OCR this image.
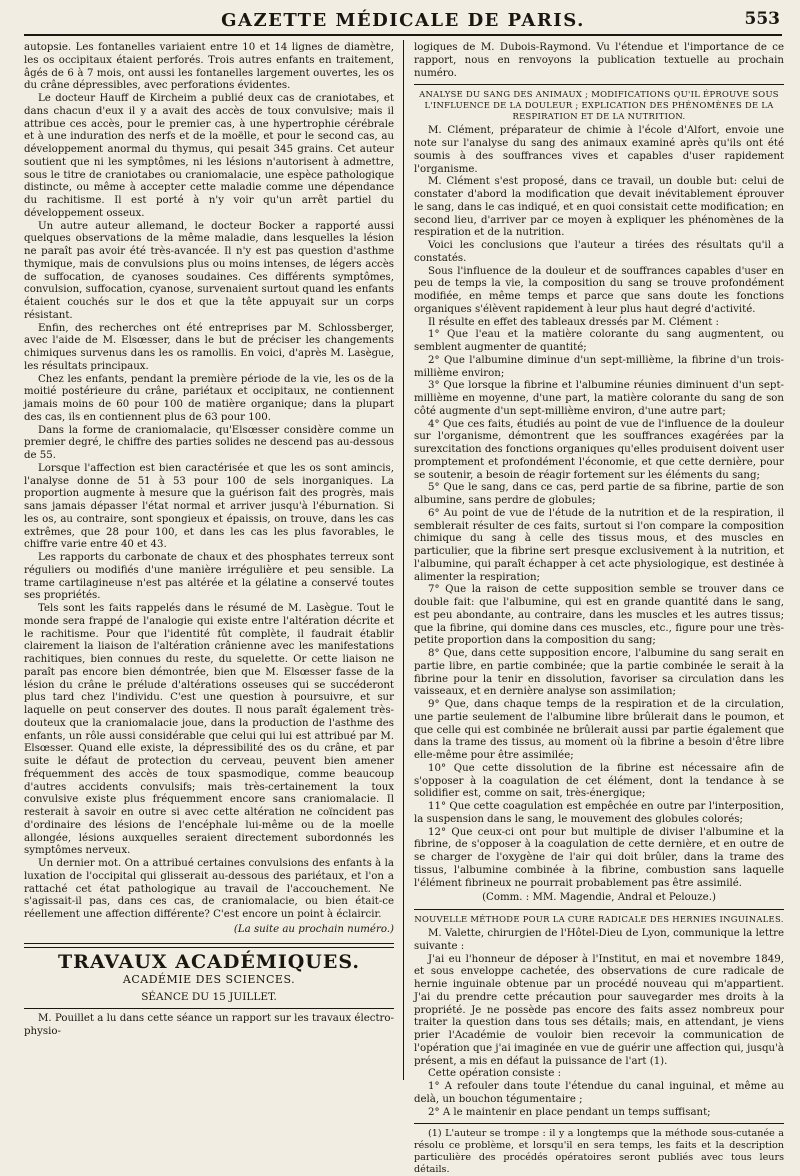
GAZETTE MÉDICALE DE PARIS.	553

autopsie. Les fontanelles variaient entre 10 et 14 lignes de diamètre, les os occipitaux étaient perforés. Trois autres enfants en traitement, âgés de 6 à 7 mois, ont aussi les fontanelles largement ouvertes, les os du crâne dépressibles, avec perforations évidentes.

Le docteur Hauff de Kircheim a publié deux cas de craniotabes, et dans chacun d'eux il y a avait des accès de toux convulsive; mais il attribue ces accès, pour le premier cas, à une hypertrophie cérébrale et à une induration des nerfs et de la moëlle, et pour le second cas, au développement anormal du thymus, qui pesait 345 grains. Cet auteur soutient que ni les symptômes, ni les lésions n'autorisent à admettre, sous le titre de craniotabes ou craniomalacie, une espèce pathologique distincte, ou même à accepter cette maladie comme une dépendance du rachitisme. Il est porté à n'y voir qu'un arrêt partiel du développement osseux.

Un autre auteur allemand, le docteur Bocker a rapporté aussi quelques observations de la même maladie, dans lesquelles la lésion ne paraît pas avoir été très-avancée. Il n'y est pas question d'asthme thymique, mais de convulsions plus ou moins intenses, de légers accès de suffocation, de cyanoses soudaines. Ces différents symptômes, convulsion, suffocation, cyanose, survenaient surtout quand les enfants étaient couchés sur le dos et que la tête appuyait sur un corps résistant.

Enfin, des recherches ont été entreprises par M. Schlossberger, avec l'aide de M. Elsœsser, dans le but de préciser les changements chimiques survenus dans les os ramollis. En voici, d'après M. Lasègue, les résultats principaux.

Chez les enfants, pendant la première période de la vie, les os de la moitié postérieure du crâne, pariétaux et occipitaux, ne contiennent jamais moins de 60 pour 100 de matière organique; dans la plupart des cas, ils en contiennent plus de 63 pour 100.

Dans la forme de craniomalacie, qu'Elsœsser considère comme un premier degré, le chiffre des parties solides ne descend pas au-dessous de 55.

Lorsque l'affection est bien caractérisée et que les os sont amincis, l'analyse donne de 51 à 53 pour 100 de sels inorganiques. La proportion augmente à mesure que la guérison fait des progrès, mais sans jamais dépasser l'état normal et arriver jusqu'à l'éburnation. Si les os, au contraire, sont spongieux et épaissis, on trouve, dans les cas extrêmes, que 28 pour 100, et dans les cas les plus favorables, le chiffre varie entre 40 et 43.

Les rapports du carbonate de chaux et des phosphates terreux sont réguliers ou modifiés d'une manière irrégulière et peu sensible. La trame cartilagineuse n'est pas altérée et la gélatine a conservé toutes ses propriétés.

Tels sont les faits rappelés dans le résumé de M. Lasègue. Tout le monde sera frappé de l'analogie qui existe entre l'altération décrite et le rachitisme. Pour que l'identité fût complète, il faudrait établir clairement la liaison de l'altération crânienne avec les manifestations rachitiques, bien connues du reste, du squelette. Or cette liaison ne paraît pas encore bien démontrée, bien que M. Elsœsser fasse de la lésion du crâne le prélude d'altérations osseuses qui se succéderont plus tard chez l'individu. C'est une question à poursuivre, et sur laquelle on peut conserver des doutes. Il nous paraît également très-douteux que la craniomalacie joue, dans la production de l'asthme des enfants, un rôle aussi considérable que celui qui lui est attribué par M. Elsœsser. Quand elle existe, la dépressibilité des os du crâne, et par suite le défaut de protection du cerveau, peuvent bien amener fréquemment des accès de toux spasmodique, comme beaucoup d'autres accidents convulsifs; mais très-certainement la toux convulsive existe plus fréquemment encore sans craniomalacie. Il resterait à savoir en outre si avec cette altération ne coïncident pas d'ordinaire des lésions de l'encéphale lui-même ou de la moelle allongée, lésions auxquelles seraient directement subordonnés les symptômes nerveux.

Un dernier mot. On a attribué certaines convulsions des enfants à la luxation de l'occipital qui glisserait au-dessous des pariétaux, et l'on a rattaché cet état pathologique au travail de l'accouchement. Ne s'agissait-il pas, dans ces cas, de craniomalacie, ou bien était-ce réellement une affection différente? C'est encore un point à éclaircir.

(La suite au prochain numéro.)
TRAVAUX ACADÉMIQUES.
ACADÉMIE DES SCIENCES.
SÉANCE DU 15 JUILLET.

M. Pouillet a lu dans cette séance un rapport sur les travaux électro-physio-

logiques de M. Dubois-Raymond. Vu l'étendue et l'importance de ce rapport, nous en renvoyons la publication textuelle au prochain numéro.

ANALYSE DU SANG DES ANIMAUX ; MODIFICATIONS QU'IL ÉPROUVE SOUS L'INFLUENCE DE LA DOULEUR ; EXPLICATION DES PHÉNOMÈNES DE LA RESPIRATION ET DE LA NUTRITION.

M. Clément, préparateur de chimie à l'école d'Alfort, envoie une note sur l'analyse du sang des animaux examiné après qu'ils ont été soumis à des souffrances vives et capables d'user rapidement l'organisme.

M. Clément s'est proposé, dans ce travail, un double but: celui de constater d'abord la modification que devait inévitablement éprouver le sang, dans le cas indiqué, et en quoi consistait cette modification; en second lieu, d'arriver par ce moyen à expliquer les phénomènes de la respiration et de la nutrition.

Voici les conclusions que l'auteur a tirées des résultats qu'il a constatés.

Sous l'influence de la douleur et de souffrances capables d'user en peu de temps la vie, la composition du sang se trouve profondément modifiée, en même temps et parce que sans doute les fonctions organiques s'élèvent rapidement à leur plus haut degré d'activité.

Il résulte en effet des tableaux dressés par M. Clément :

1° Que l'eau et la matière colorante du sang augmentent, ou semblent augmenter de quantité;

2° Que l'albumine diminue d'un sept-millième, la fibrine d'un trois-millième environ;

3° Que lorsque la fibrine et l'albumine réunies diminuent d'un sept-millième en moyenne, d'une part, la matière colorante du sang de son côté augmente d'un sept-millième environ, d'une autre part;

4° Que ces faits, étudiés au point de vue de l'influence de la douleur sur l'organisme, démontrent que les souffrances exagérées par la surexcitation des fonctions organiques qu'elles produisent doivent user promptement et profondément l'économie, et que cette dernière, pour se soutenir, a besoin de réagir fortement sur les éléments du sang;

5° Que le sang, dans ce cas, perd partie de sa fibrine, partie de son albumine, sans perdre de globules;

6° Au point de vue de l'étude de la nutrition et de la respiration, il semblerait résulter de ces faits, surtout si l'on compare la composition chimique du sang à celle des tissus mous, et des muscles en particulier, que la fibrine sert presque exclusivement à la nutrition, et l'albumine, qui paraît échapper à cet acte physiologique, est destinée à alimenter la respiration;

7° Que la raison de cette supposition semble se trouver dans ce double fait: que l'albumine, qui est en grande quantité dans le sang, est peu abondante, au contraire, dans les muscles et les autres tissus; que la fibrine, qui domine dans ces muscles, etc., figure pour une très-petite proportion dans la composition du sang;

8° Que, dans cette supposition encore, l'albumine du sang serait en partie libre, en partie combinée; que la partie combinée le serait à la fibrine pour la tenir en dissolution, favoriser sa circulation dans les vaisseaux, et en dernière analyse son assimilation;

9° Que, dans chaque temps de la respiration et de la circulation, une partie seulement de l'albumine libre brûlerait dans le poumon, et que celle qui est combinée ne brûlerait aussi par partie également que dans la trame des tissus, au moment où la fibrine a besoin d'être libre elle-même pour être assimilée;

10° Que cette dissolution de la fibrine est nécessaire afin de s'opposer à la coagulation de cet élément, dont la tendance à se solidifier est, comme on sait, très-énergique;

11° Que cette coagulation est empêchée en outre par l'interposition, la suspension dans le sang, le mouvement des globules colorés;

12° Que ceux-ci ont pour but multiple de diviser l'albumine et la fibrine, de s'opposer à la coagulation de cette dernière, et en outre de se charger de l'oxygène de l'air qui doit brûler, dans la trame des tissus, l'albumine combinée à la fibrine, combustion sans laquelle l'élément fibrineux ne pourrait probablement pas être assimilé.

(Comm. : MM. Magendie, Andral et Pelouze.)
NOUVELLE MÉTHODE POUR LA CURE RADICALE DES HERNIES INGUINALES.

M. Valette, chirurgien de l'Hôtel-Dieu de Lyon, communique la lettre suivante :

J'ai eu l'honneur de déposer à l'Institut, en mai et novembre 1849, et sous enveloppe cachetée, des observations de cure radicale de hernie inguinale obtenue par un procédé nouveau qui m'appartient. J'ai du prendre cette précaution pour sauvegarder mes droits à la propriété. Je ne possède pas encore des faits assez nombreux pour traiter la question dans tous ses détails; mais, en attendant, je viens prier l'Académie de vouloir bien recevoir la communication de l'opération que j'ai imaginée en vue de guérir une affection qui, jusqu'à présent, a mis en défaut la puissance de l'art (1).

Cette opération consiste :

1° A refouler dans toute l'étendue du canal inguinal, et même au delà, un bouchon tégumentaire ;

2° A le maintenir en place pendant un temps suffisant;

(1) L'auteur se trompe : il y a longtemps que la méthode sous-cutanée a résolu ce problème, et lorsqu'il en sera temps, les faits et la description particulière des procédés opératoires seront publiés avec tous leurs détails.
